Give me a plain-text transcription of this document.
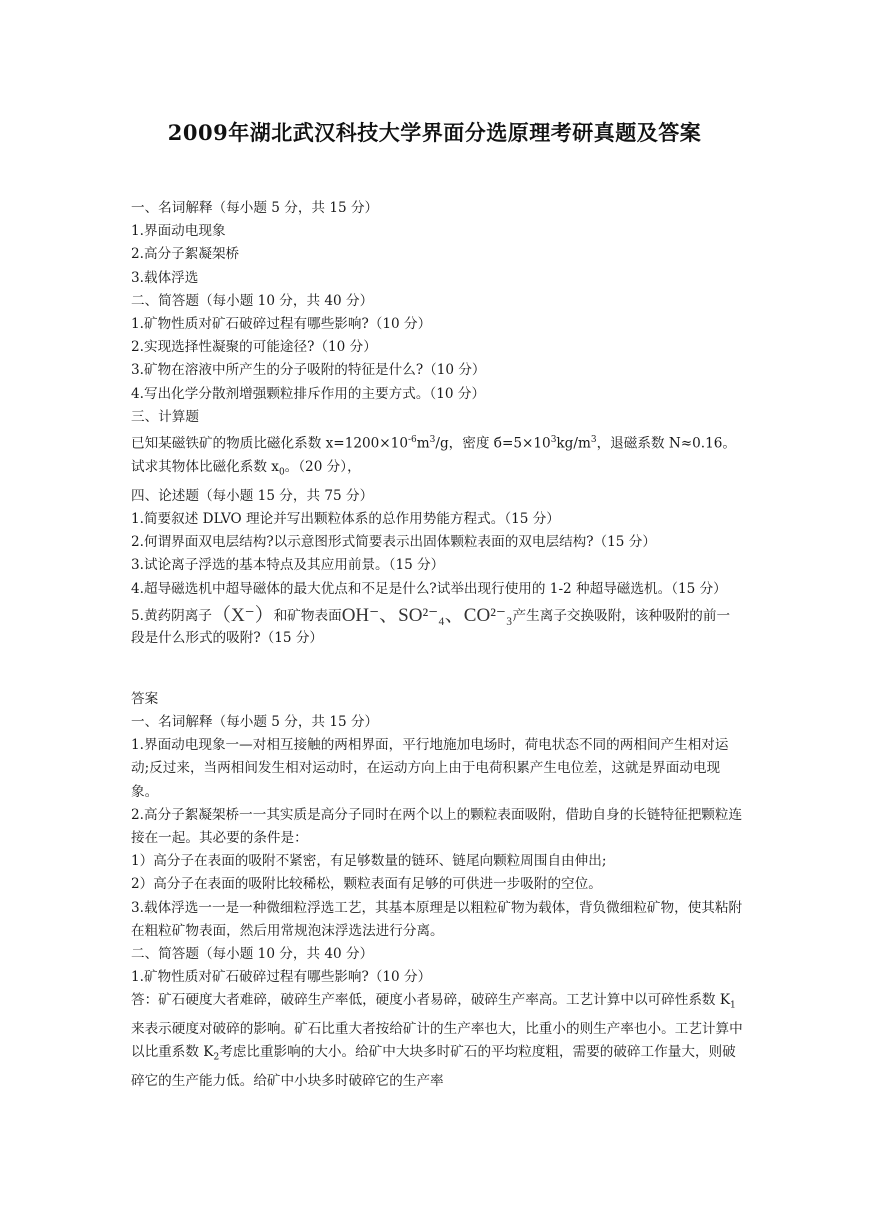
2009年湖北武汉科技大学界面分选原理考研真题及答案
一、名词解释（每小题 5 分，共 15 分）
1.界面动电现象
2.高分子絮凝架桥
3.载体浮选
二、简答题（每小题 10 分，共 40 分）
1.矿物性质对矿石破碎过程有哪些影响?（10 分）
2.实现选择性凝聚的可能途径?（10 分）
3.矿物在溶液中所产生的分子吸附的特征是什么?（10 分）
4.写出化学分散剂增强颗粒排斥作用的主要方式。（10 分）
三、计算题
已知某磁铁矿的物质比磁化系数 $x=1200\times 10^{-6}m^3/g$，密度 $б=5\times 10^3kg/m^3$，退磁系数 N≈0.16。
试求其物体比磁化系数 $x_0$。（20 分），
四、论述题（每小题 15 分，共 75 分）
1.简要叙述 DLVO 理论并写出颗粒体系的总作用势能方程式。（15 分）
2.何谓界面双电层结构?以示意图形式简要表示出固体颗粒表面的双电层结构?（15 分）
3.试论离子浮选的基本特点及其应用前景。（15 分）
4.超导磁选机中超导磁体的最大优点和不足是什么?试举出现行使用的 1-2 种超导磁选机。（15 分）
5.黄药阴离子（X⁻）和矿物表面OH⁻、SO²⁻₄、CO²⁻₃产生离子交换吸附，该种吸附的前一段是什么形式的吸附?（15 分）
答案
一、名词解释（每小题 5 分，共 15 分）
1.界面动电现象一—对相互接触的两相界面，平行地施加电场时，荷电状态不同的两相间产生相对运动;反过来，当两相间发生相对运动时，在运动方向上由于电荷积累产生电位差，这就是界面动电现象。
2.高分子絮凝架桥一一其实质是高分子同时在两个以上的颗粒表面吸附，借助自身的长链特征把颗粒连接在一起。其必要的条件是：
1）高分子在表面的吸附不紧密，有足够数量的链环、链尾向颗粒周围自由伸出;
2）高分子在表面的吸附比较稀松，颗粒表面有足够的可供进一步吸附的空位。
3.载体浮选一一是一种微细粒浮选工艺，其基本原理是以粗粒矿物为载体，背负微细粒矿物，使其粘附在粗粒矿物表面，然后用常规泡沫浮选法进行分离。
二、简答题（每小题 10 分，共 40 分）
1.矿物性质对矿石破碎过程有哪些影响?（10 分）
答：矿石硬度大者难碎，破碎生产率低，硬度小者易碎，破碎生产率高。工艺计算中以可碎性系数 $K_1$来表示硬度对破碎的影响。矿石比重大者按给矿计的生产率也大，比重小的则生产率也小。工艺计算中以比重系数 $K_2$考虑比重影响的大小。给矿中大块多时矿石的平均粒度粗，需要的破碎工作量大，则破碎它的生产能力低。给矿中小块多时破碎它的生产率
